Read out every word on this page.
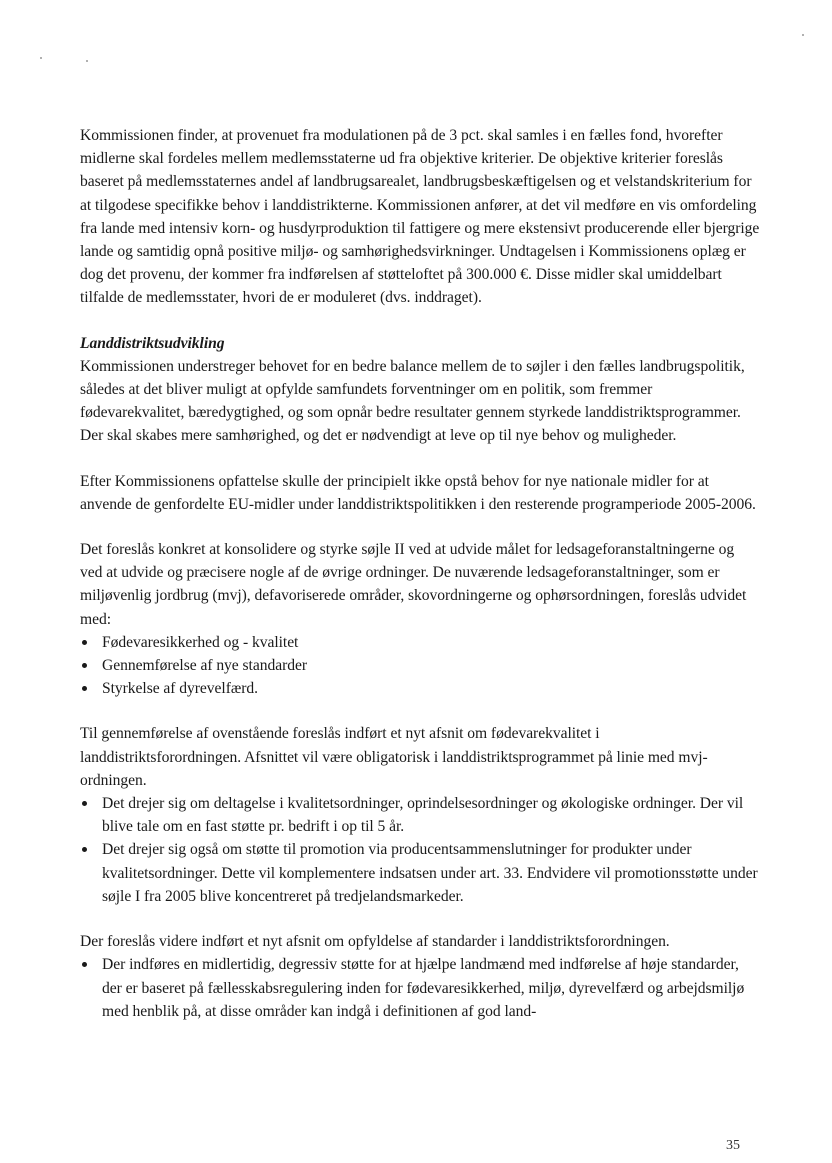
Kommissionen finder, at provenuet fra modulationen på de 3 pct. skal samles i en fælles fond, hvorefter midlerne skal fordeles mellem medlemsstaterne ud fra objektive kriterier. De objektive kriterier foreslås baseret på medlemsstaternes andel af landbrugsarealet, landbrugsbeskæftigelsen og et velstandskriterium for at tilgodese specifikke behov i landdistrikterne. Kommissionen anfører, at det vil medføre en vis omfordeling fra lande med intensiv korn- og husdyrproduktion til fattigere og mere ekstensivt producerende eller bjergrige lande og samtidig opnå positive miljø- og samhørighedsvirkninger. Undtagelsen i Kommissionens oplæg er dog det provenu, der kommer fra indførelsen af støtteloftet på 300.000 €. Disse midler skal umiddelbart tilfalde de medlemsstater, hvori de er moduleret (dvs. inddraget).

Landdistriktsudvikling
Kommissionen understreger behovet for en bedre balance mellem de to søjler i den fælles landbrugspolitik, således at det bliver muligt at opfylde samfundets forventninger om en politik, som fremmer fødevarekvalitet, bæredygtighed, og som opnår bedre resultater gennem styrkede landdistriktsprogrammer. Der skal skabes mere samhørighed, og det er nødvendigt at leve op til nye behov og muligheder.

Efter Kommissionens opfattelse skulle der principielt ikke opstå behov for nye nationale midler for at anvende de genfordelte EU-midler under landdistriktspolitikken i den resterende programperiode 2005-2006.

Det foreslås konkret at konsolidere og styrke søjle II ved at udvide målet for ledsageforanstaltningerne og ved at udvide og præcisere nogle af de øvrige ordninger. De nuværende ledsageforanstaltninger, som er miljøvenlig jordbrug (mvj), defavoriserede områder, skovordningerne og ophørsordningen, foreslås udvidet med:

Fødevaresikkerhed og - kvalitet
Gennemførelse af nye standarder
Styrkelse af dyrevelfærd.

Til gennemførelse af ovenstående foreslås indført et nyt afsnit om fødevarekvalitet i landdistriktsforordningen. Afsnittet vil være obligatorisk i landdistriktsprogrammet på linie med mvj-ordningen.

Det drejer sig om deltagelse i kvalitetsordninger, oprindelsesordninger og økologiske ordninger. Der vil blive tale om en fast støtte pr. bedrift i op til 5 år.
Det drejer sig også om støtte til promotion via producentsammenslutninger for produkter under kvalitetsordninger. Dette vil komplementere indsatsen under art. 33. Endvidere vil promotionsstøtte under søjle I fra 2005 blive koncentreret på tredjelandsmarkeder.

Der foreslås videre indført et nyt afsnit om opfyldelse af standarder i landdistriktsforordningen.

Der indføres en midlertidig, degressiv støtte for at hjælpe landmænd med indførelse af høje standarder, der er baseret på fællesskabsregulering inden for fødevaresikkerhed, miljø, dyrevelfærd og arbejdsmiljø med henblik på, at disse områder kan indgå i definitionen af god land-
35
